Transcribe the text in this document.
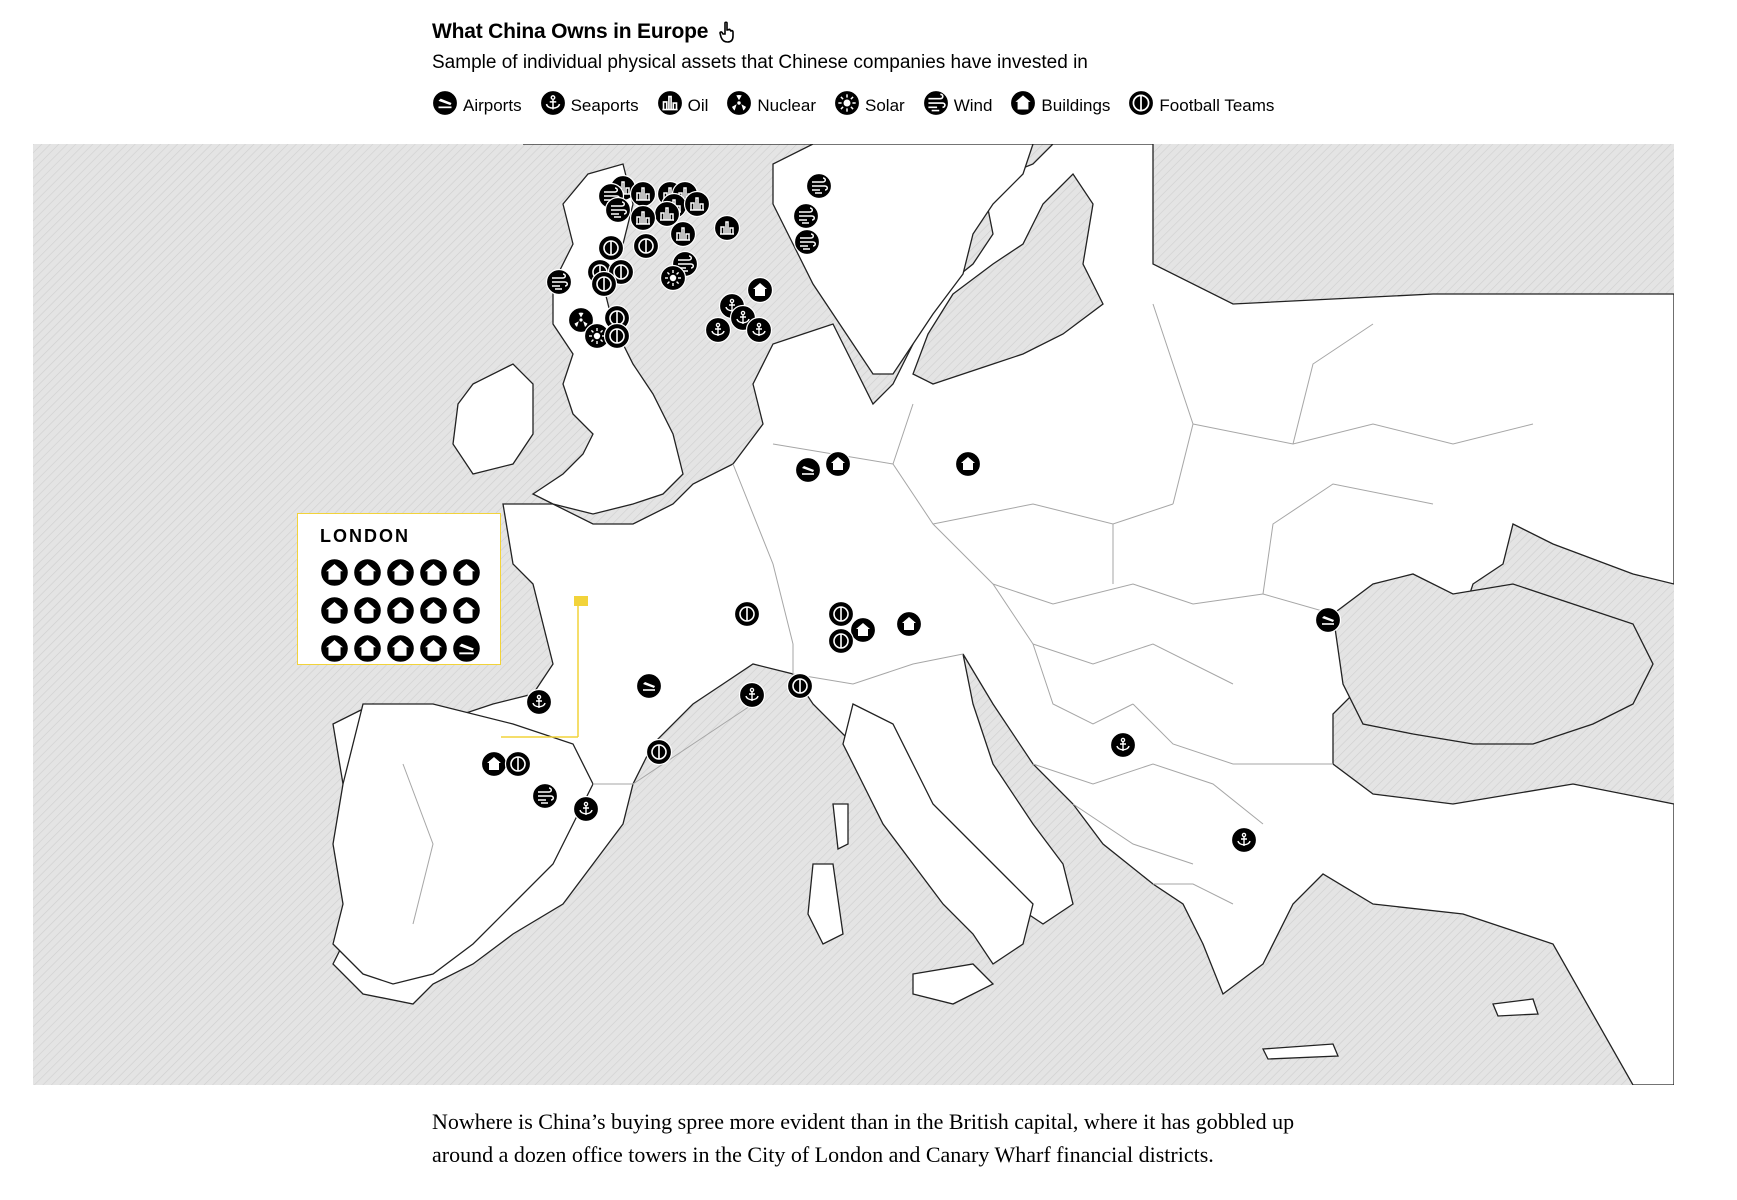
What China Owns in Europe
Sample of individual physical assets that Chinese companies have invested in
Airports	Seaports	Oil	Nuclear	Solar	Wind	Buildings	Football Teams
LONDON
Nowhere is China’s buying spree more evident than in the British capital, where it has gobbled up around a dozen office towers in the City of London and Canary Wharf financial districts.
